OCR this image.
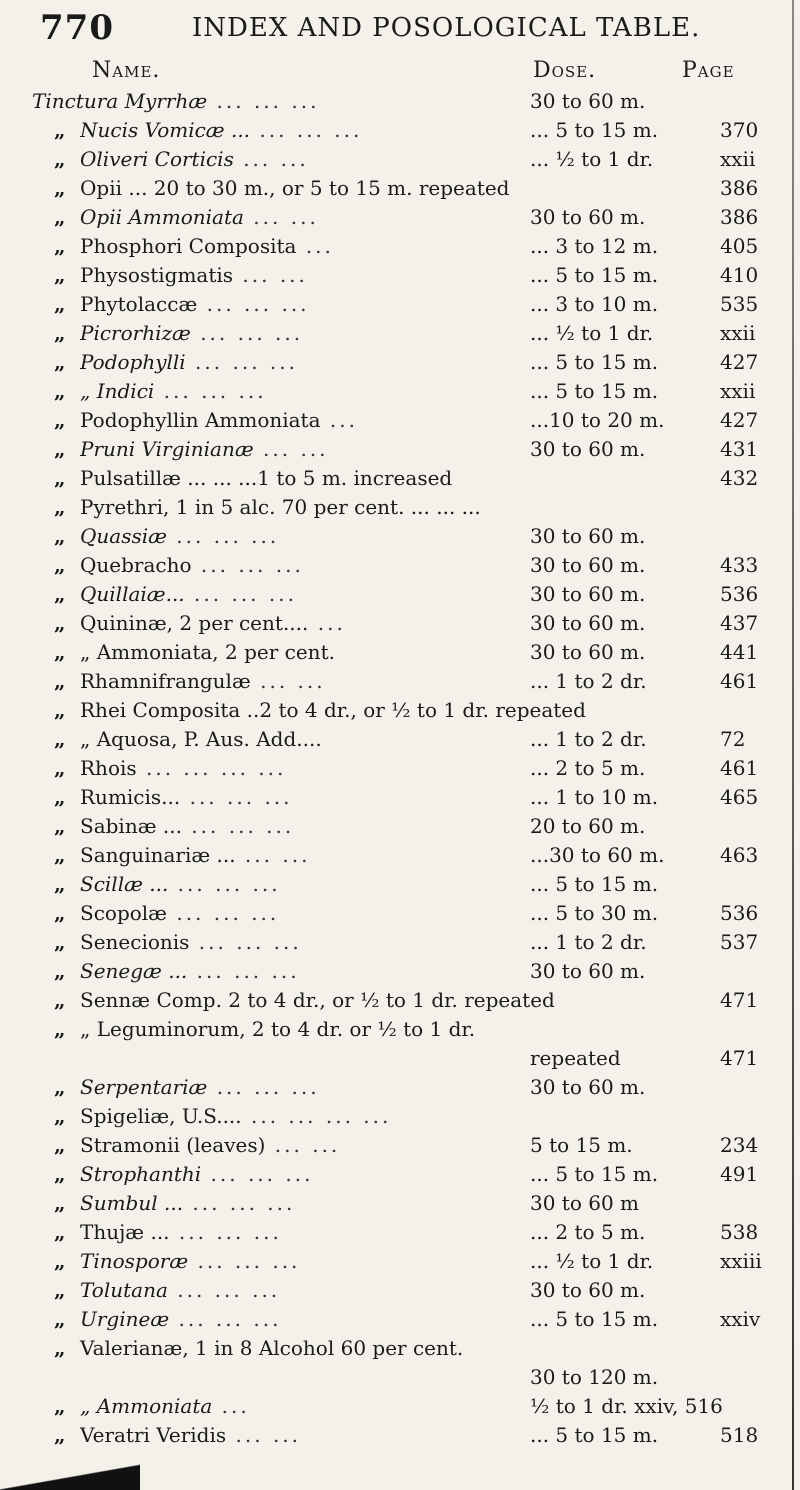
770	INDEX AND POSOLOGICAL TABLE.
Name.	Dose.	Page
Tinctura Myrrhæ ... ... ...	30 to 60 m.
„ Nucis Vomicæ ... ... ... ...	... 5 to 15 m.	370
„ Oliveri Corticis ... ...	... ½ to 1 dr.	xxii
„ Opii ... 20 to 30 m., or 5 to 15 m. repeated	386
„ Opii Ammoniata ... ...	30 to 60 m.	386
„ Phosphori Composita ...	... 3 to 12 m.	405
„ Physostigmatis ... ...	... 5 to 15 m.	410
„ Phytolaccæ ... ... ...	... 3 to 10 m.	535
„ Picrorhizæ ... ... ...	... ½ to 1 dr.	xxii
„ Podophylli ... ... ...	... 5 to 15 m.	427
„ „ Indici ... ... ...	... 5 to 15 m.	xxii
„ Podophyllin Ammoniata ...	...10 to 20 m.	427
„ Pruni Virginianæ ... ...	30 to 60 m.	431
„ Pulsatillæ ... ... ...1 to 5 m. increased	432
„ Pyrethri, 1 in 5 alc. 70 per cent. ... ... ...
„ Quassiæ ... ... ...	30 to 60 m.
„ Quebracho ... ... ...	30 to 60 m.	433
„ Quillaiæ... ... ... ...	30 to 60 m.	536
„ Quininæ, 2 per cent.... ...	30 to 60 m.	437
„ „ Ammoniata, 2 per cent.	30 to 60 m.	441
„ Rhamnifrangulæ ... ...	... 1 to 2 dr.	461
„ Rhei Composita ..2 to 4 dr., or ½ to 1 dr. repeated
„ „ Aquosa, P. Aus. Add....	... 1 to 2 dr.	72
„ Rhois ... ... ... ...	... 2 to 5 m.	461
„ Rumicis... ... ... ...	... 1 to 10 m.	465
„ Sabinæ ... ... ... ...	20 to 60 m.
„ Sanguinariæ ... ... ...	...30 to 60 m.	463
„ Scillæ ... ... ... ...	... 5 to 15 m.
„ Scopolæ ... ... ...	... 5 to 30 m.	536
„ Senecionis ... ... ...	... 1 to 2 dr.	537
„ Senegæ ... ... ... ...	30 to 60 m.
„ Sennæ Comp. 2 to 4 dr., or ½ to 1 dr. repeated	471
„ „ Leguminorum, 2 to 4 dr. or ½ to 1 dr.
repeated	471
„ Serpentariæ ... ... ...	30 to 60 m.
„ Spigeliæ, U.S.... ... ... ... ...
„ Stramonii (leaves) ... ...	5 to 15 m.	234
„ Strophanthi ... ... ...	... 5 to 15 m.	491
„ Sumbul ... ... ... ...	30 to 60 m
„ Thujæ ... ... ... ...	... 2 to 5 m.	538
„ Tinosporæ ... ... ...	... ½ to 1 dr.	xxiii
„ Tolutana ... ... ...	30 to 60 m.
„ Urgineæ ... ... ...	... 5 to 15 m.	xxiv
„ Valerianæ, 1 in 8 Alcohol 60 per cent.
30 to 120 m.
„ „ Ammoniata ...	½ to 1 dr. xxiv, 516
„ Veratri Veridis ... ...	... 5 to 15 m.	518
